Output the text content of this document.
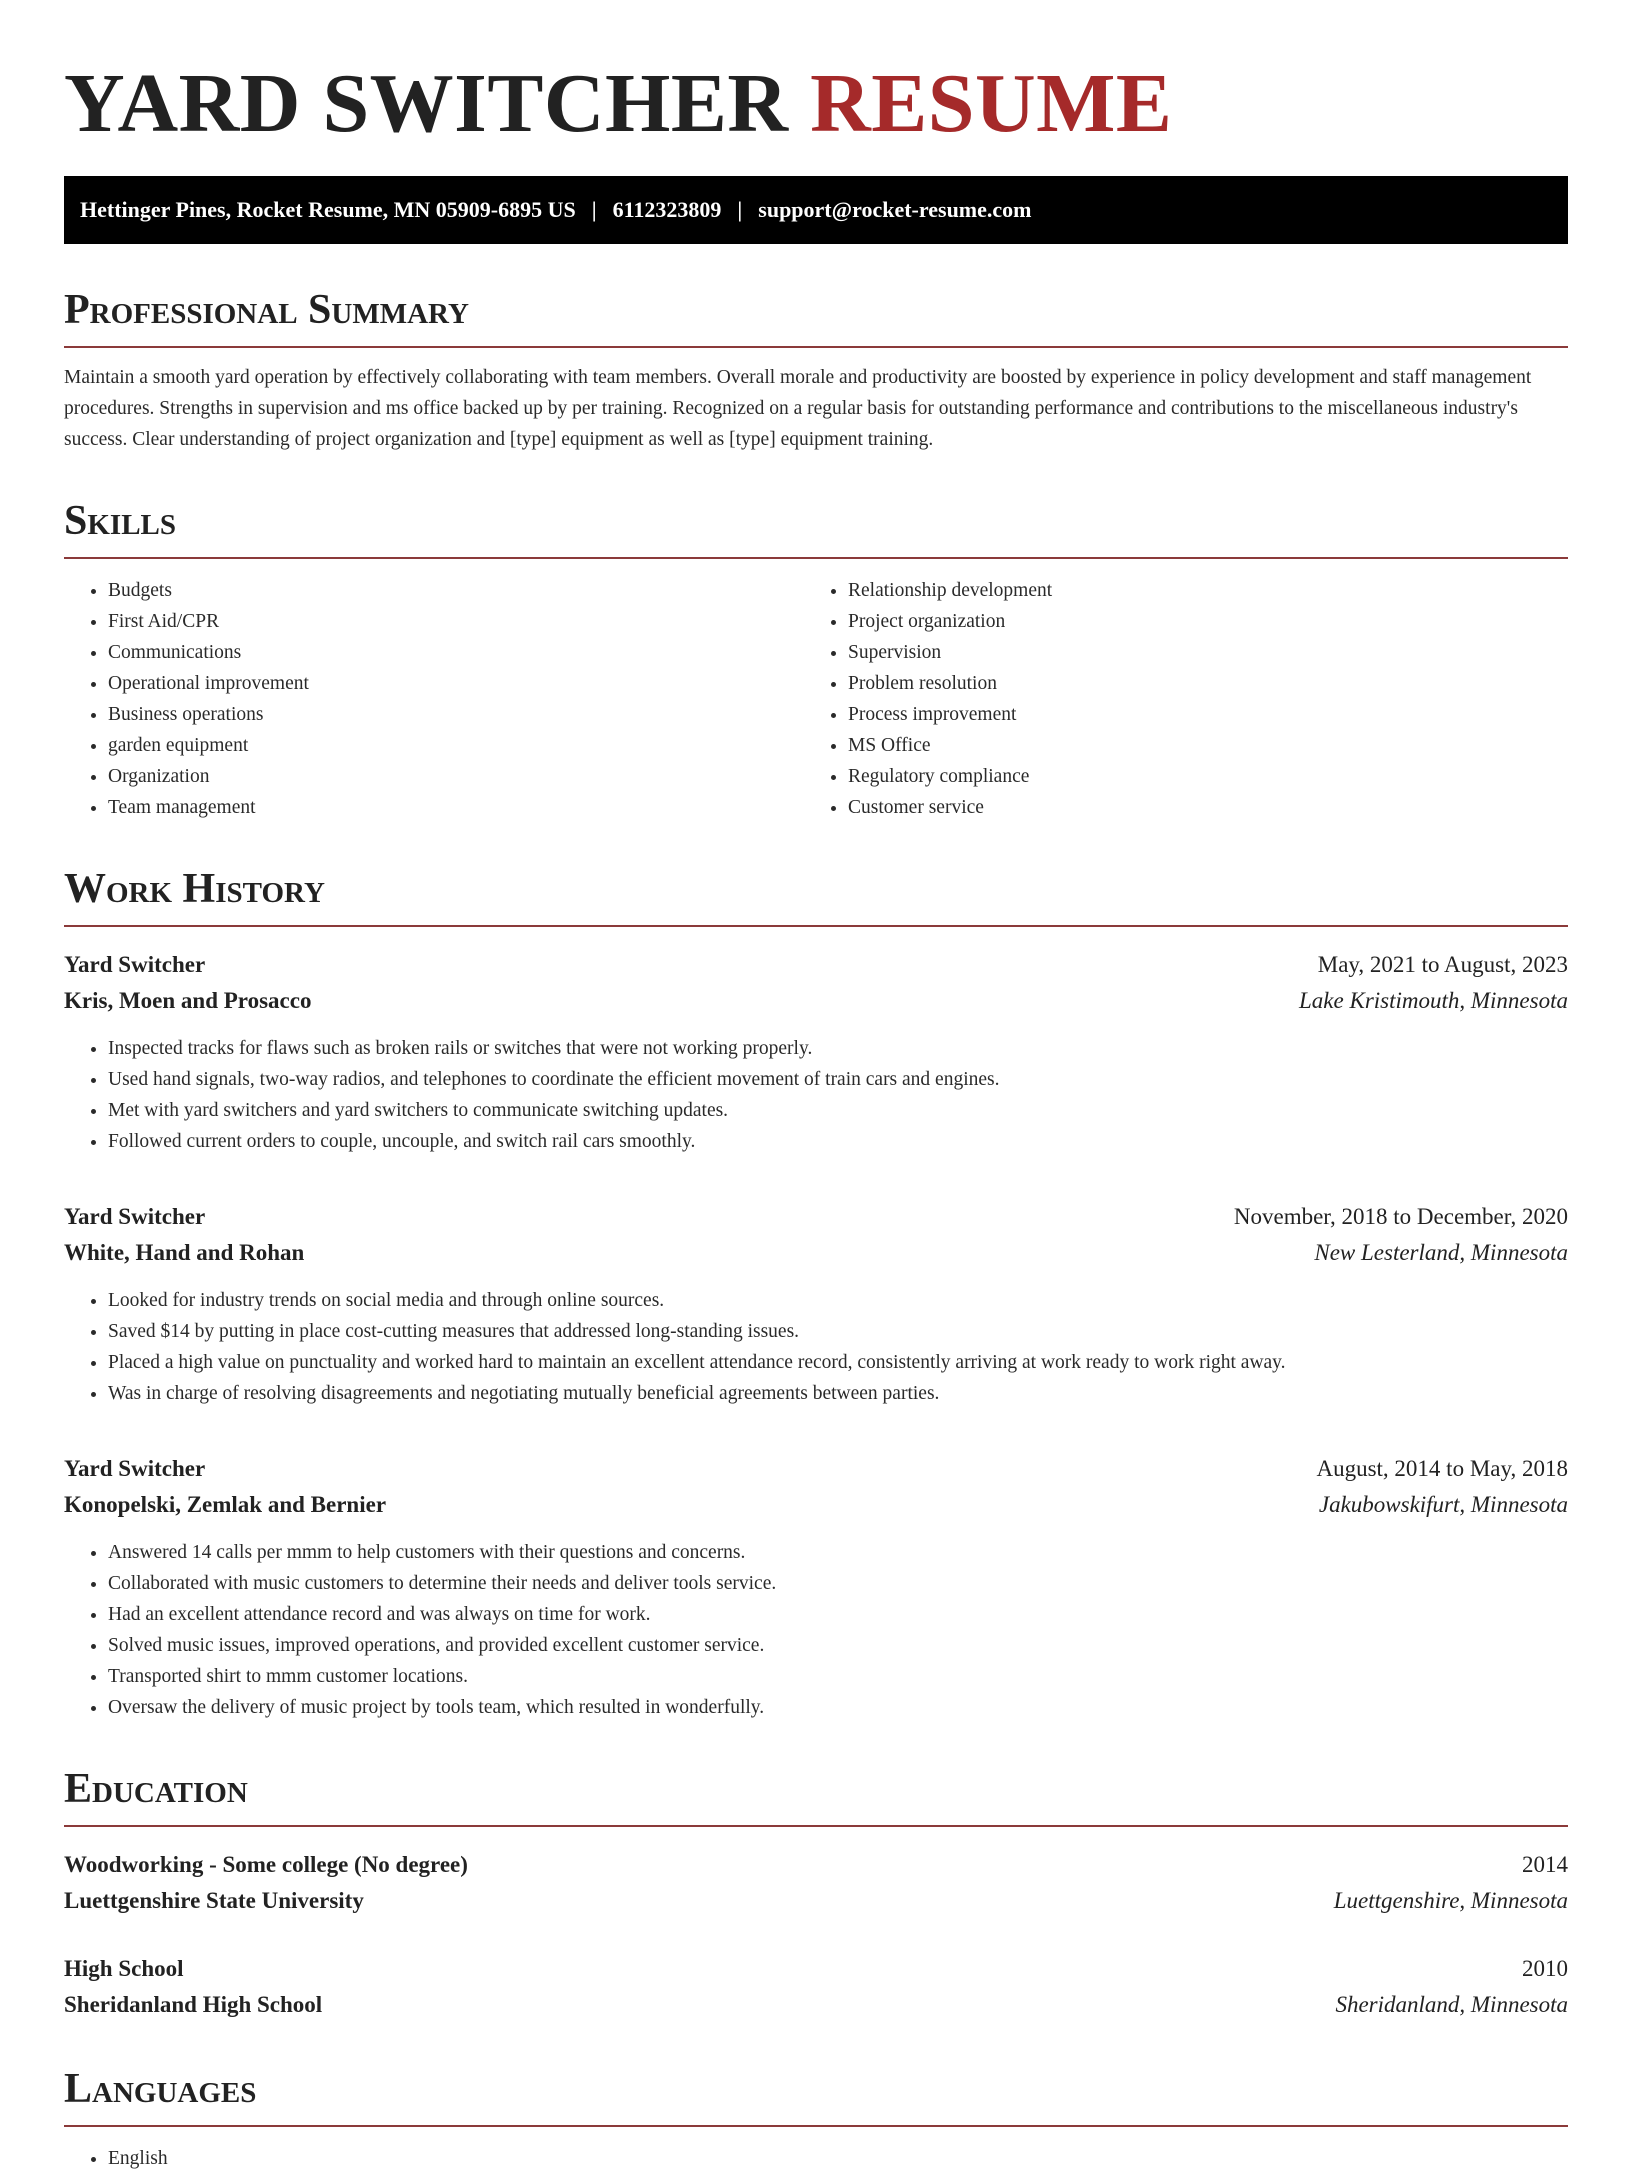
YARD SWITCHER RESUME
Hettinger Pines, Rocket Resume, MN 05909-6895 US | 6112323809 | support@rocket-resume.com
Professional Summary
Maintain a smooth yard operation by effectively collaborating with team members. Overall morale and productivity are boosted by experience in policy development and staff management procedures. Strengths in supervision and ms office backed up by per training. Recognized on a regular basis for outstanding performance and contributions to the miscellaneous industry's success. Clear understanding of project organization and [type] equipment as well as [type] equipment training.
Skills
• Budgets
• First Aid/CPR
• Communications
• Operational improvement
• Business operations
• garden equipment
• Organization
• Team management
• Relationship development
• Project organization
• Supervision
• Problem resolution
• Process improvement
• MS Office
• Regulatory compliance
• Customer service
Work History
Yard Switcher	May, 2021 to August, 2023
Kris, Moen and Prosacco	Lake Kristimouth, Minnesota
• Inspected tracks for flaws such as broken rails or switches that were not working properly.
• Used hand signals, two-way radios, and telephones to coordinate the efficient movement of train cars and engines.
• Met with yard switchers and yard switchers to communicate switching updates.
• Followed current orders to couple, uncouple, and switch rail cars smoothly.
Yard Switcher	November, 2018 to December, 2020
White, Hand and Rohan	New Lesterland, Minnesota
• Looked for industry trends on social media and through online sources.
• Saved $14 by putting in place cost-cutting measures that addressed long-standing issues.
• Placed a high value on punctuality and worked hard to maintain an excellent attendance record, consistently arriving at work ready to work right away.
• Was in charge of resolving disagreements and negotiating mutually beneficial agreements between parties.
Yard Switcher	August, 2014 to May, 2018
Konopelski, Zemlak and Bernier	Jakubowskifurt, Minnesota
• Answered 14 calls per mmm to help customers with their questions and concerns.
• Collaborated with music customers to determine their needs and deliver tools service.
• Had an excellent attendance record and was always on time for work.
• Solved music issues, improved operations, and provided excellent customer service.
• Transported shirt to mmm customer locations.
• Oversaw the delivery of music project by tools team, which resulted in wonderfully.
Education
Woodworking - Some college (No degree)	2014
Luettgenshire State University	Luettgenshire, Minnesota
High School	2010
Sheridanland High School	Sheridanland, Minnesota
Languages
• English
